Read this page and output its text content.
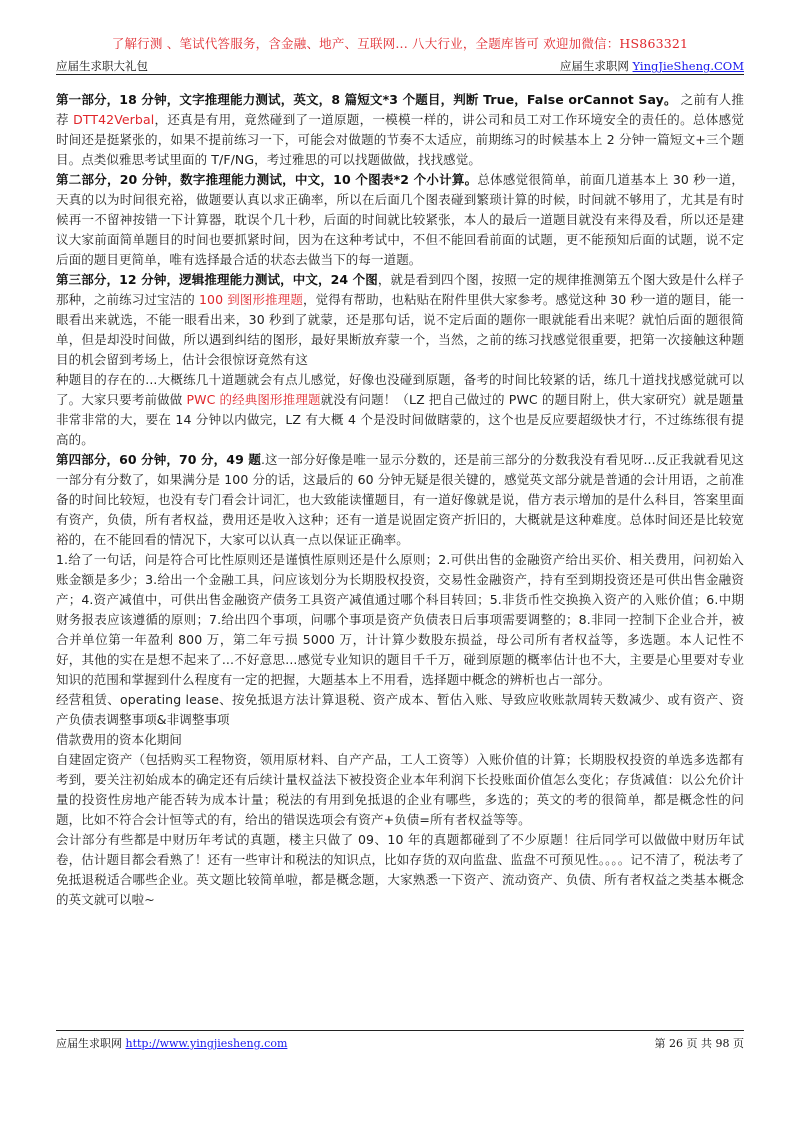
了解行测 、笔试代答服务，含金融、地产、互联网... 八大行业，全题库皆可 欢迎加微信：HS863321
应届生求职大礼包	应届生求职网 YingJieSheng.COM

第一部分，18 分钟，文字推理能力测试，英文，8 篇短文*3 个题目，判断 True，False orCannot Say。 之前有人推荐 DTT42Verbal，还真是有用，竟然碰到了一道原题，一模模一样的，讲公司和员工对工作环境安全的责任的。总体感觉时间还是挺紧张的，如果不提前练习一下，可能会对做题的节奏不太适应，前期练习的时候基本上 2 分钟一篇短文+三个题目。点类似雅思考试里面的 T/F/NG，考过雅思的可以找题做做，找找感觉。

第二部分，20 分钟，数字推理能力测试，中文，10 个图表*2 个小计算。总体感觉很简单，前面几道基本上 30 秒一道，天真的以为时间很充裕，做题要认真以求正确率，所以在后面几个图表碰到繁琐计算的时候，时间就不够用了，尤其是有时候再一不留神按错一下计算器，耽误个几十秒，后面的时间就比较紧张，本人的最后一道题目就没有来得及看，所以还是建议大家前面简单题目的时间也要抓紧时间，因为在这种考试中，不但不能回看前面的试题，更不能预知后面的试题，说不定后面的题目更简单，唯有选择最合适的状态去做当下的每一道题。

第三部分，12 分钟，逻辑推理能力测试，中文，24 个图，就是看到四个图，按照一定的规律推测第五个图大致是什么样子那种，之前练习过宝洁的 100 到图形推理题，觉得有帮助，也粘贴在附件里供大家参考。感觉这种 30 秒一道的题目，能一眼看出来就选，不能一眼看出来，30 秒到了就蒙，还是那句话，说不定后面的题你一眼就能看出来呢？就怕后面的题很简单，但是却没时间做，所以遇到纠结的图形，最好果断放弃蒙一个，当然，之前的练习找感觉很重要，把第一次接触这种题目的机会留到考场上，估计会很惊讶竟然有这

种题目的存在的...大概练几十道题就会有点儿感觉，好像也没碰到原题，备考的时间比较紧的话，练几十道找找感觉就可以了。大家只要考前做做 PWC 的经典图形推理题就没有问题！（LZ 把自己做过的 PWC 的题目附上，供大家研究）就是题量非常非常的大，要在 14 分钟以内做完，LZ 有大概 4 个是没时间做瞎蒙的，这个也是反应要超级快才行，不过练练很有提高的。

第四部分，60 分钟，70 分，49 题.这一部分好像是唯一显示分数的，还是前三部分的分数我没有看见呀...反正我就看见这一部分有分数了，如果满分是 100 分的话，这最后的 60 分钟无疑是很关键的，感觉英文部分就是普通的会计用语，之前准备的时间比较短，也没有专门看会计词汇，也大致能读懂题目，有一道好像就是说，借方表示增加的是什么科目，答案里面有资产，负债，所有者权益，费用还是收入这种；还有一道是说固定资产折旧的，大概就是这种难度。总体时间还是比较宽裕的，在不能回看的情况下，大家可以认真一点以保证正确率。

1.给了一句话，问是符合可比性原则还是谨慎性原则还是什么原则；2.可供出售的金融资产给出买价、相关费用，问初始入账金额是多少；3.给出一个金融工具，问应该划分为长期股权投资，交易性金融资产，持有至到期投资还是可供出售金融资产；4.资产减值中，可供出售金融资产债务工具资产减值通过哪个科目转回；5.非货币性交换换入资产的入账价值；6.中期财务报表应该遵循的原则；7.给出四个事项，问哪个事项是资产负债表日后事项需要调整的；8.非同一控制下企业合并，被合并单位第一年盈利 800 万，第二年亏损 5000 万，计计算少数股东损益，母公司所有者权益等，多选题。本人记性不好，其他的实在是想不起来了...不好意思...感觉专业知识的题目千千万，碰到原题的概率估计也不大，主要是心里要对专业知识的范围和掌握到什么程度有一定的把握，大题基本上不用看，选择题中概念的辨析也占一部分。

经营租赁、operating lease、按免抵退方法计算退税、资产成本、暂估入账、导致应收账款周转天数减少、或有资产、资产负债表调整事项&非调整事项

借款费用的资本化期间

自建固定资产（包括购买工程物资，领用原材料、自产产品，工人工资等）入账价值的计算；长期股权投资的单选多选都有考到，要关注初始成本的确定还有后续计量权益法下被投资企业本年利润下长投账面价值怎么变化；存货减值：以公允价计量的投资性房地产能否转为成本计量；税法的有用到免抵退的企业有哪些，多选的；英文的考的很简单，都是概念性的问题，比如不符合会计恒等式的有，给出的错误选项会有资产+负债=所有者权益等等。

会计部分有些都是中财历年考试的真题，楼主只做了 09、10 年的真题都碰到了不少原题！往后同学可以做做中财历年试卷，估计题目都会看熟了！还有一些审计和税法的知识点，比如存货的双向监盘、监盘不可预见性。。。。记不清了，税法考了免抵退税适合哪些企业。英文题比较简单啦，都是概念题，大家熟悉一下资产、流动资产、负债、所有者权益之类基本概念的英文就可以啦~

应届生求职网 http://www.yingjiesheng.com	第 26 页 共 98 页
